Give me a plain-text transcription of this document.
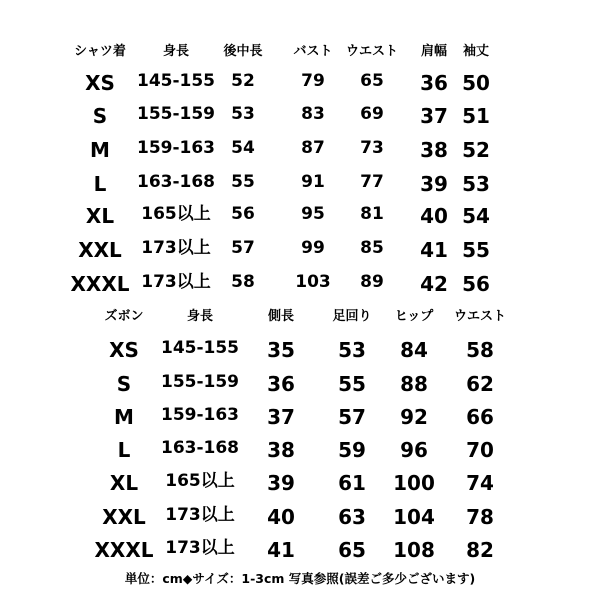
シャツ着	身長	後中長 バスト ウエスト 肩幅 袖丈
XS 145-155 52	79 65 36 50
S 155-159 53	83 69 37 51
M 159-163 54	87 73 38 52
L 163-168 55	91 77 39 53
XL 165以上 56	95 81 40 54
XXL 173以上 57	99 85 41 55
XXXL 173以上 58 103 89 42 56
ズボン	身長	側長	足回り ヒップ ウエスト
XS 145-155 35 53 84 58
S 155-159 36 55 88 62
M 159-163 37 57 92 66
L 163-168 38 59 96 70
XL 165以上 39 61 100 74
XXL 173以上 40 63 104 78
XXXL 173以上 41 65 108 82
単位：cm◆サイズ：1-3cm 写真参照(誤差ご多少ございます)
